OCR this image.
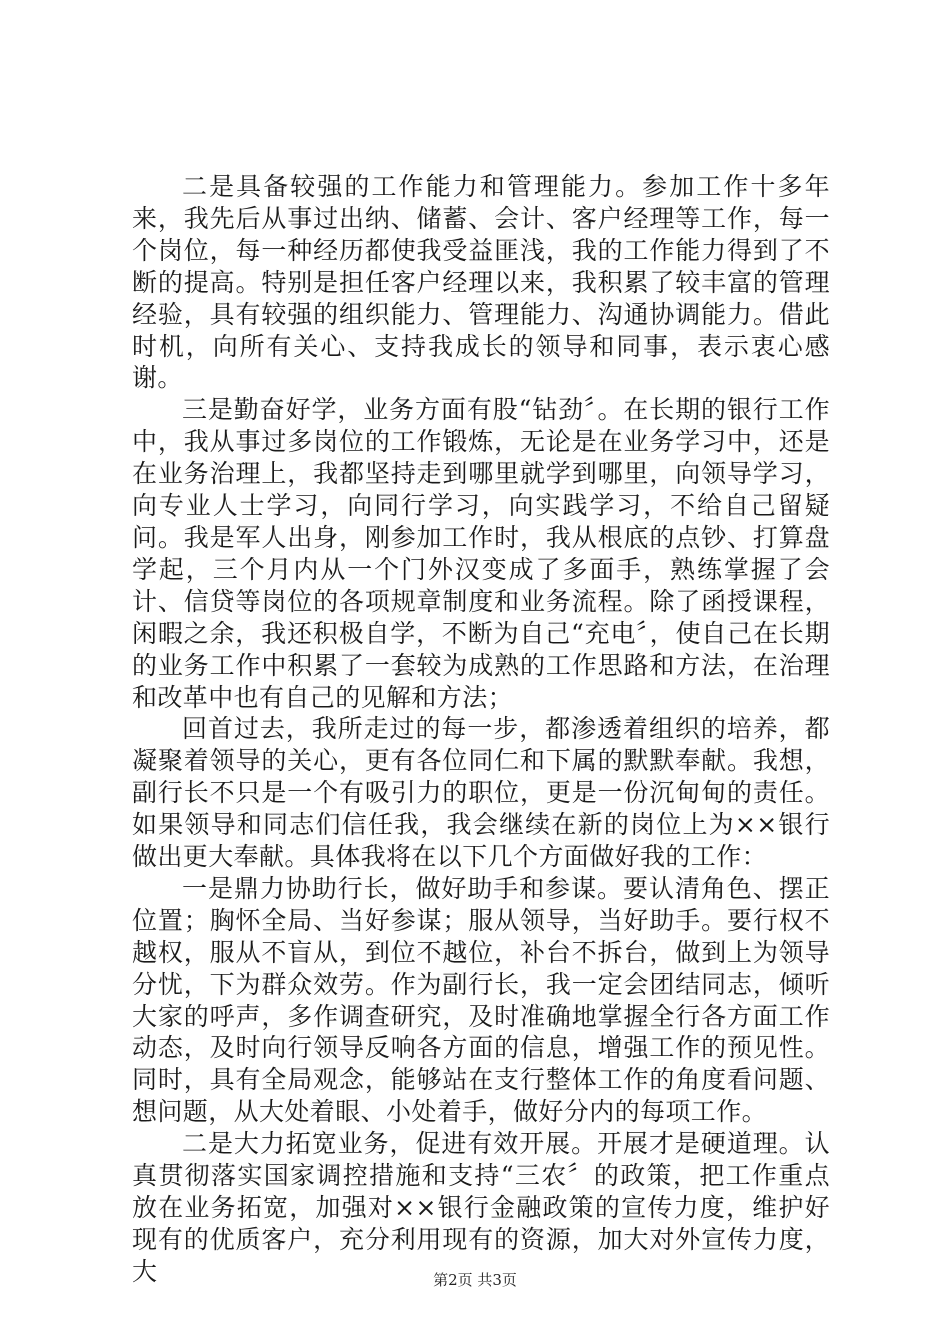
二是具备较强的工作能力和管理能力。参加工作十多年来，我先后从事过出纳、储蓄、会计、客户经理等工作，每一个岗位，每一种经历都使我受益匪浅，我的工作能力得到了不断的提高。特别是担任客户经理以来，我积累了较丰富的管理经验，具有较强的组织能力、管理能力、沟通协调能力。借此时机，向所有关心、支持我成长的领导和同事，表示衷心感谢。

三是勤奋好学，业务方面有股“钻劲〞。在长期的银行工作中，我从事过多岗位的工作锻炼，无论是在业务学习中，还是在业务治理上，我都坚持走到哪里就学到哪里，向领导学习，向专业人士学习，向同行学习，向实践学习，不给自己留疑问。我是军人出身，刚参加工作时，我从根底的点钞、打算盘学起，三个月内从一个门外汉变成了多面手，熟练掌握了会计、信贷等岗位的各项规章制度和业务流程。除了函授课程，闲暇之余，我还积极自学，不断为自己“充电〞，使自己在长期的业务工作中积累了一套较为成熟的工作思路和方法，在治理和改革中也有自己的见解和方法；

回首过去，我所走过的每一步，都渗透着组织的培养，都凝聚着领导的关心，更有各位同仁和下属的默默奉献。我想，副行长不只是一个有吸引力的职位，更是一份沉甸甸的责任。如果领导和同志们信任我，我会继续在新的岗位上为××银行做出更大奉献。具体我将在以下几个方面做好我的工作：

一是鼎力协助行长，做好助手和参谋。要认清角色、摆正位置；胸怀全局、当好参谋；服从领导，当好助手。要行权不越权，服从不盲从，到位不越位，补台不拆台，做到上为领导分忧，下为群众效劳。作为副行长，我一定会团结同志，倾听大家的呼声，多作调查研究，及时准确地掌握全行各方面工作动态，及时向行领导反响各方面的信息，增强工作的预见性。同时，具有全局观念，能够站在支行整体工作的角度看问题、想问题，从大处着眼、小处着手，做好分内的每项工作。

二是大力拓宽业务，促进有效开展。开展才是硬道理。认真贯彻落实国家调控措施和支持“三农〞的政策，把工作重点放在业务拓宽，加强对××银行金融政策的宣传力度，维护好现有的优质客户，充分利用现有的资源，加大对外宣传力度，大	第2页 共3页
